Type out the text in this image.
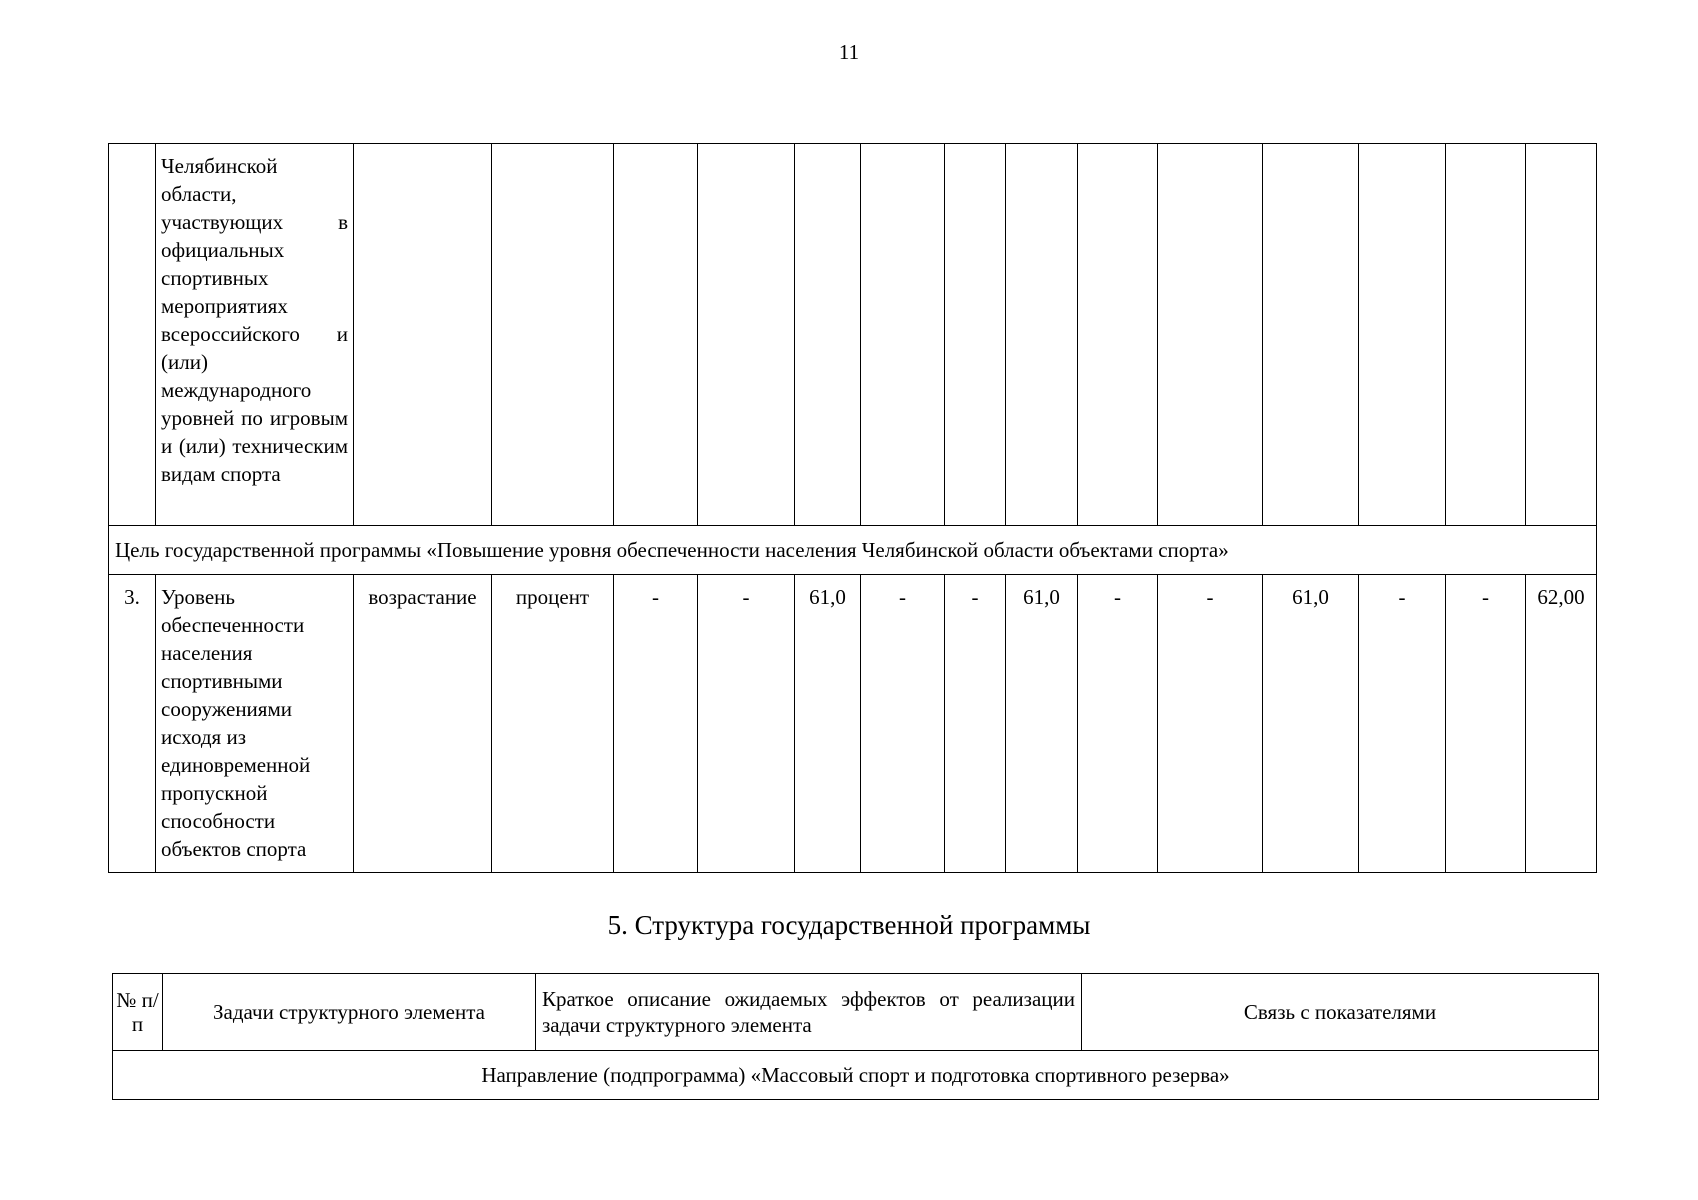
11
	Челябинской области, участвующих в официальных спортивных мероприятиях всероссийского и (или) международного уровней по игровым и (или) техническим видам спорта														
Цель государственной программы «Повышение уровня обеспеченности населения Челябинской области объектами спорта»															
3.	Уровень обеспеченности населения спортивными сооружениями исходя из единовременной пропускной способности объектов спорта	возрастание	процент	-	-	61,0	-	-	61,0	-	-	61,0	-	-	62,00
5. Структура государственной программы
№ п/п	Задачи структурного элемента	Краткое описание ожидаемых эффектов от реализации задачи структурного элемента	Связь с показателями
Направление (подпрограмма) «Массовый спорт и подготовка спортивного резерва»
